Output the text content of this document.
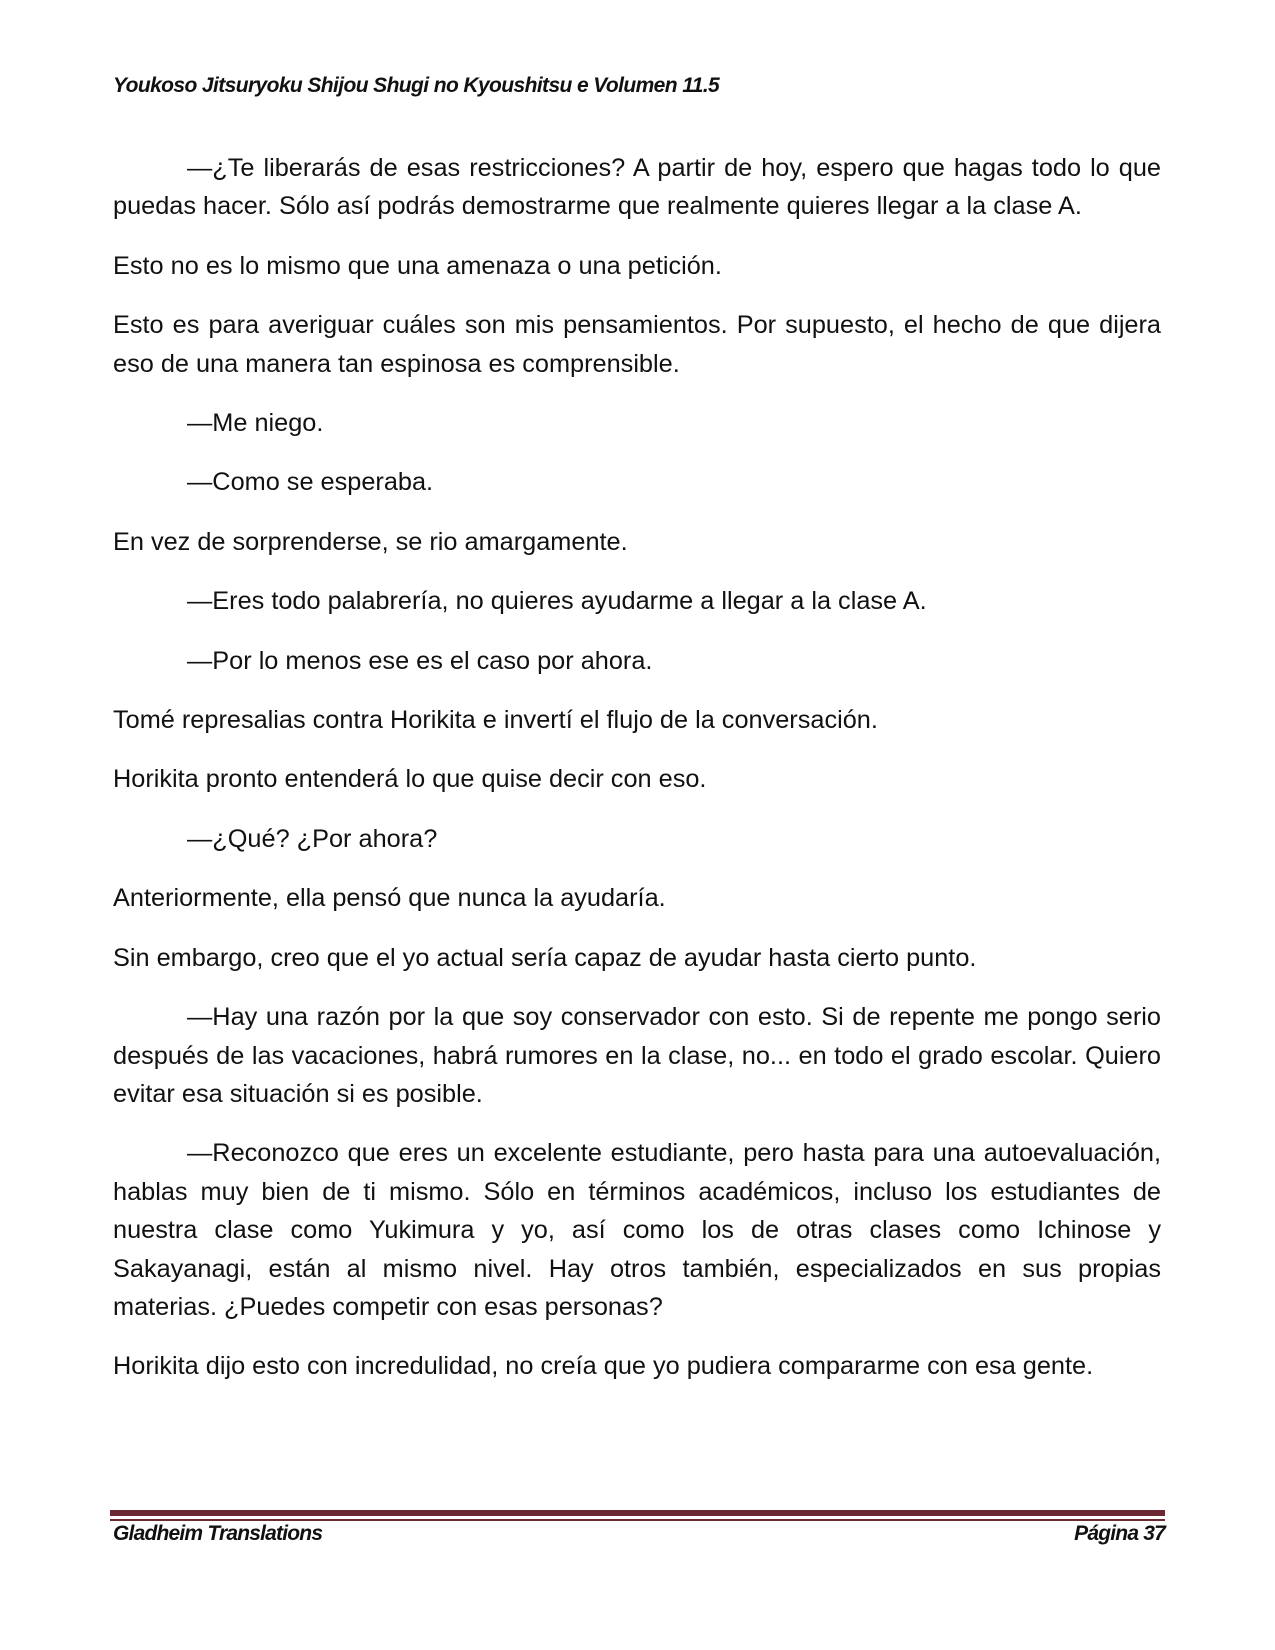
Youkoso Jitsuryoku Shijou Shugi no Kyoushitsu e Volumen 11.5

—¿Te liberarás de esas restricciones? A partir de hoy, espero que hagas todo lo que puedas hacer. Sólo así podrás demostrarme que realmente quieres llegar a la clase A.

Esto no es lo mismo que una amenaza o una petición.

Esto es para averiguar cuáles son mis pensamientos. Por supuesto, el hecho de que dijera eso de una manera tan espinosa es comprensible.

—Me niego.

—Como se esperaba.

En vez de sorprenderse, se rio amargamente.

—Eres todo palabrería, no quieres ayudarme a llegar a la clase A.

—Por lo menos ese es el caso por ahora.

Tomé represalias contra Horikita e invertí el flujo de la conversación.

Horikita pronto entenderá lo que quise decir con eso.

—¿Qué? ¿Por ahora?

Anteriormente, ella pensó que nunca la ayudaría.

Sin embargo, creo que el yo actual sería capaz de ayudar hasta cierto punto.

—Hay una razón por la que soy conservador con esto. Si de repente me pongo serio después de las vacaciones, habrá rumores en la clase, no... en todo el grado escolar. Quiero evitar esa situación si es posible.

—Reconozco que eres un excelente estudiante, pero hasta para una autoevaluación, hablas muy bien de ti mismo. Sólo en términos académicos, incluso los estudiantes de nuestra clase como Yukimura y yo, así como los de otras clases como Ichinose y Sakayanagi, están al mismo nivel. Hay otros también, especializados en sus propias materias. ¿Puedes competir con esas personas?

Horikita dijo esto con incredulidad, no creía que yo pudiera compararme con esa gente.

Gladheim Translations	Página 37
